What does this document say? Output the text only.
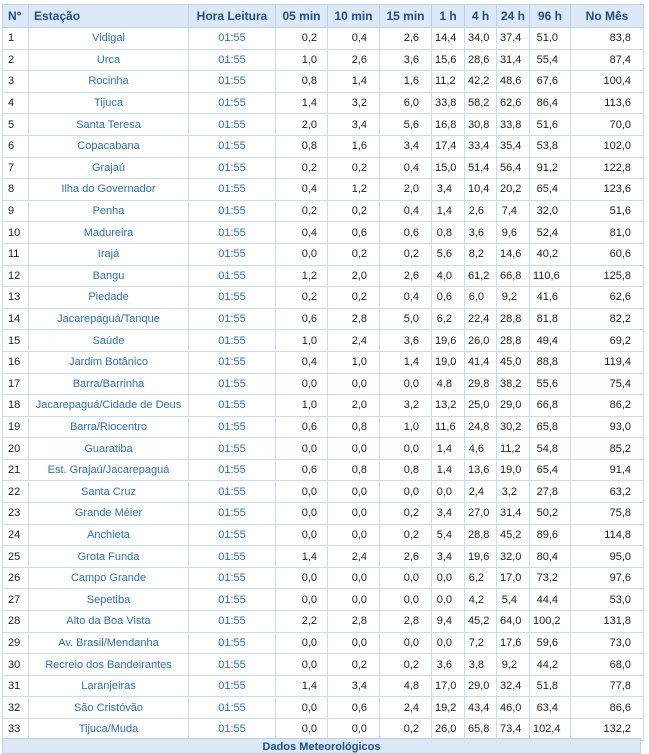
N°	Estação	Hora Leitura	05 min	10 min	15 min	1 h	4 h	24 h	96 h	No Mês
1	Vidigal	01:55	0,2	0,4	2,6	14,4	34,0	37,4	51,0	83,8
2	Urca	01:55	1,0	2,6	3,6	15,6	28,6	31,4	55,4	87,4
3	Rocinha	01:55	0,8	1,4	1,6	11,2	42,2	48,6	67,6	100,4
4	Tijuca	01:55	1,4	3,2	6,0	33,8	58,2	62,6	86,4	113,6
5	Santa Teresa	01:55	2,0	3,4	5,6	16,8	30,8	33,8	51,6	70,0
6	Copacabana	01:55	0,8	1,6	3,4	17,4	33,4	35,4	53,8	102,0
7	Grajaú	01:55	0,2	0,2	0,4	15,0	51,4	56,4	91,2	122,8
8	Ilha do Governador	01:55	0,4	1,2	2,0	3,4	10,4	20,2	65,4	123,6
9	Penha	01:55	0,2	0,2	0,4	1,4	2,6	7,4	32,0	51,6
10	Madureira	01:55	0,4	0,6	0,6	0,8	3,6	9,6	52,4	81,0
11	Irajá	01:55	0,0	0,2	0,2	5,6	8,2	14,6	40,2	60,6
12	Bangu	01:55	1,2	2,0	2,6	4,0	61,2	66,8	110,6	125,8
13	Piedade	01:55	0,2	0,2	0,4	0,6	6,0	9,2	41,6	62,6
14	Jacarepaguá/Tanque	01:55	0,6	2,8	5,0	6,2	22,4	28,8	81,8	82,2
15	Saúde	01:55	1,0	2,4	3,6	19,6	26,0	28,8	49,4	69,2
16	Jardim Botânico	01:55	0,4	1,0	1,4	19,0	41,4	45,0	88,8	119,4
17	Barra/Barrinha	01:55	0,0	0,0	0,0	4,8	29,8	38,2	55,6	75,4
18	Jacarepaguá/Cidade de Deus	01:55	1,0	2,0	3,2	13,2	25,0	29,0	66,8	86,2
19	Barra/Riocentro	01:55	0,6	0,8	1,0	11,6	24,8	30,2	65,8	93,0
20	Guaratiba	01:55	0,0	0,0	0,0	1,4	4,6	11,2	54,8	85,2
21	Est. Grajaú/Jacarepaguá	01:55	0,6	0,8	0,8	1,4	13,6	19,0	65,4	91,4
22	Santa Cruz	01:55	0,0	0,0	0,0	0,0	2,4	3,2	27,8	63,2
23	Grande Méier	01:55	0,0	0,0	0,2	3,4	27,0	31,4	50,2	75,8
24	Anchieta	01:55	0,0	0,0	0,2	5,4	28,8	45,2	89,6	114,8
25	Grota Funda	01:55	1,4	2,4	2,6	3,4	19,6	32,0	80,4	95,0
26	Campo Grande	01:55	0,0	0,0	0,0	0,0	6,2	17,0	73,2	97,6
27	Sepetiba	01:55	0,0	0,0	0,0	0,0	4,2	5,4	44,4	53,0
28	Alto da Boa Vista	01:55	2,2	2,8	2,8	9,4	45,2	64,0	100,2	131,8
29	Av. Brasil/Mendanha	01:55	0,0	0,0	0,0	0,0	7,2	17,6	59,6	73,0
30	Recreio dos Bandeirantes	01:55	0,0	0,2	0,2	3,6	3,8	9,2	44,2	68,0
31	Laranjeiras	01:55	1,4	3,4	4,8	17,0	29,0	32,4	51,8	77,8
32	São Cristóvão	01:55	0,0	0,6	2,4	19,2	43,4	46,0	63,4	86,6
33	Tijuca/Muda	01:55	0,0	0,0	0,2	26,0	65,8	73,4	102,4	132,2
Dados Meteorológicos
